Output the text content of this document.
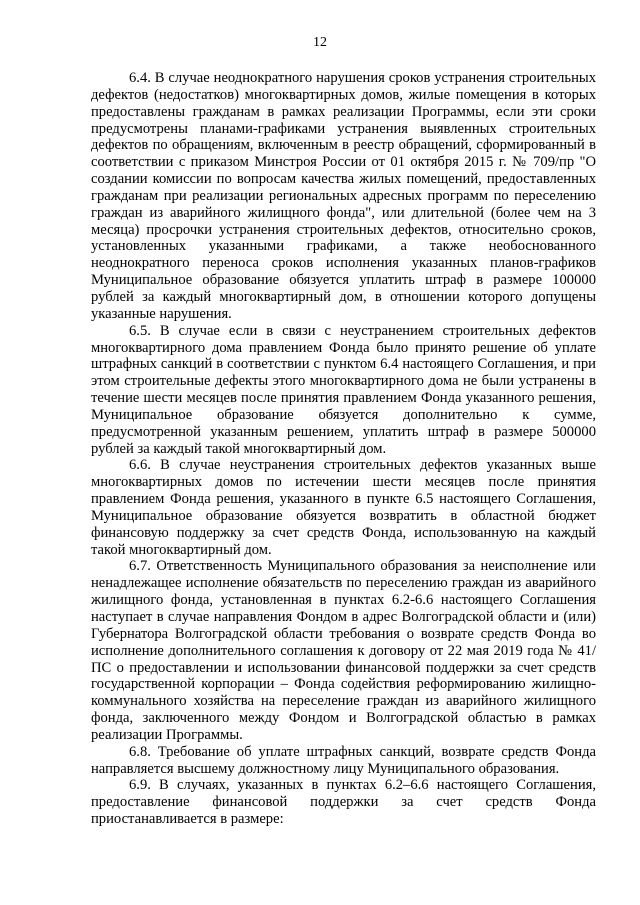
12

6.4. В случае неоднократного нарушения сроков устранения строительных дефектов (недостатков) многоквартирных домов, жилые помещения в которых предоставлены гражданам в рамках реализации Программы, если эти сроки предусмотрены планами-графиками устранения выявленных строительных дефектов по обращениям, включенным в реестр обращений, сформированный в соответствии с приказом Минстроя России от 01 октября 2015 г. № 709/пр "О создании комиссии по вопросам качества жилых помещений, предоставленных гражданам при реализации региональных адресных программ по переселению граждан из аварийного жилищного фонда", или длительной (более чем на 3 месяца) просрочки устранения строительных дефектов, относительно сроков, установленных указанными графиками, а также необоснованного неоднократного переноса сроков исполнения указанных планов-графиков Муниципальное образование обязуется уплатить штраф в размере 100000 рублей за каждый многоквартирный дом, в отношении которого допущены указанные нарушения.

6.5. В случае если в связи с неустранением строительных дефектов многоквартирного дома правлением Фонда было принято решение об уплате штрафных санкций в соответствии с пунктом 6.4 настоящего Соглашения, и при этом строительные дефекты этого многоквартирного дома не были устранены в течение шести месяцев после принятия правлением Фонда указанного решения, Муниципальное образование обязуется дополнительно к сумме, предусмотренной указанным решением, уплатить штраф в размере 500000 рублей за каждый такой многоквартирный дом.

6.6. В случае неустранения строительных дефектов указанных выше многоквартирных домов по истечении шести месяцев после принятия правлением Фонда решения, указанного в пункте 6.5 настоящего Соглашения, Муниципальное образование обязуется возвратить в областной бюджет финансовую поддержку за счет средств Фонда, использованную на каждый такой многоквартирный дом.

6.7. Ответственность Муниципального образования за неисполнение или ненадлежащее исполнение обязательств по переселению граждан из аварийного жилищного фонда, установленная в пунктах 6.2-6.6 настоящего Соглашения наступает в случае направления Фондом в адрес Волгоградской области и (или) Губернатора Волгоградской области требования о возврате средств Фонда во исполнение дополнительного соглашения к договору от 22 мая 2019 года № 41/ПС о предоставлении и использовании финансовой поддержки за счет средств государственной корпорации – Фонда содействия реформированию жилищно-коммунального хозяйства на переселение граждан из аварийного жилищного фонда, заключенного между Фондом и Волгоградской областью в рамках реализации Программы.

6.8. Требование об уплате штрафных санкций, возврате средств Фонда направляется высшему должностному лицу Муниципального образования.

6.9. В случаях, указанных в пунктах 6.2–6.6 настоящего Соглашения, предоставление финансовой поддержки за счет средств Фонда приостанавливается в размере:
